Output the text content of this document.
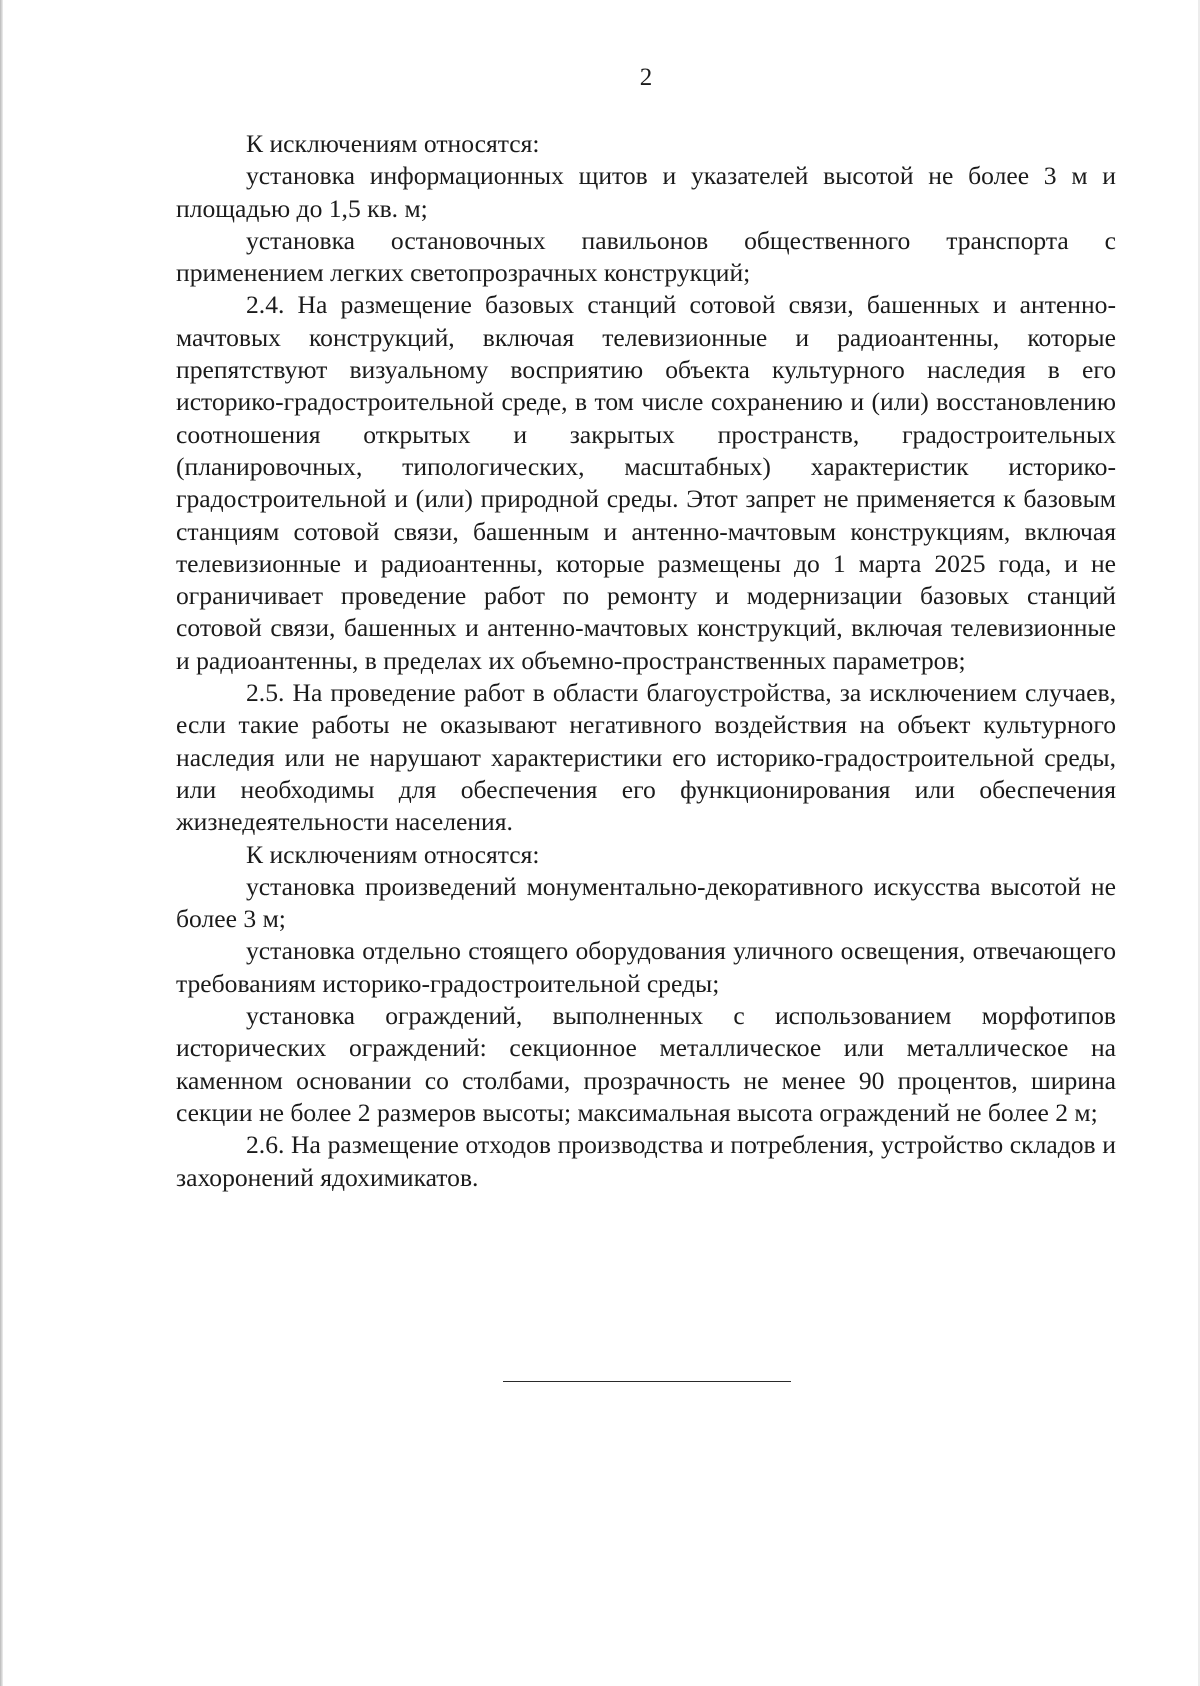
2

К исключениям относятся:

установка информационных щитов и указателей высотой не более 3 м и площадью до 1,5 кв. м;

установка остановочных павильонов общественного транспорта с применением легких светопрозрачных конструкций;

2.4. На размещение базовых станций сотовой связи, башенных и антенно-мачтовых конструкций, включая телевизионные и радиоантенны, которые препятствуют визуальному восприятию объекта культурного наследия в его историко-градостроительной среде, в том числе сохранению и (или) восстановлению соотношения открытых и закрытых пространств, градостроительных (планировочных, типологических, масштабных) характеристик историко-градостроительной и (или) природной среды. Этот запрет не применяется к базовым станциям сотовой связи, башенным и антенно-мачтовым конструкциям, включая телевизионные и радиоантенны, которые размещены до 1 марта 2025 года, и не ограничивает проведение работ по ремонту и модернизации базовых станций сотовой связи, башенных и антенно-мачтовых конструкций, включая телевизионные и радиоантенны, в пределах их объемно-пространственных параметров;

2.5. На проведение работ в области благоустройства, за исключением случаев, если такие работы не оказывают негативного воздействия на объект культурного наследия или не нарушают характеристики его историко-градостроительной среды, или необходимы для обеспечения его функционирования или обеспечения жизнедеятельности населения.

К исключениям относятся:

установка произведений монументально-декоративного искусства высотой не более 3 м;

установка отдельно стоящего оборудования уличного освещения, отвечающего требованиям историко-градостроительной среды;

установка ограждений, выполненных с использованием морфотипов исторических ограждений: секционное металлическое или металлическое на каменном основании со столбами, прозрачность не менее 90 процентов, ширина секции не более 2 размеров высоты; максимальная высота ограждений не более 2 м;

2.6. На размещение отходов производства и потребления, устройство складов и захоронений ядохимикатов.
